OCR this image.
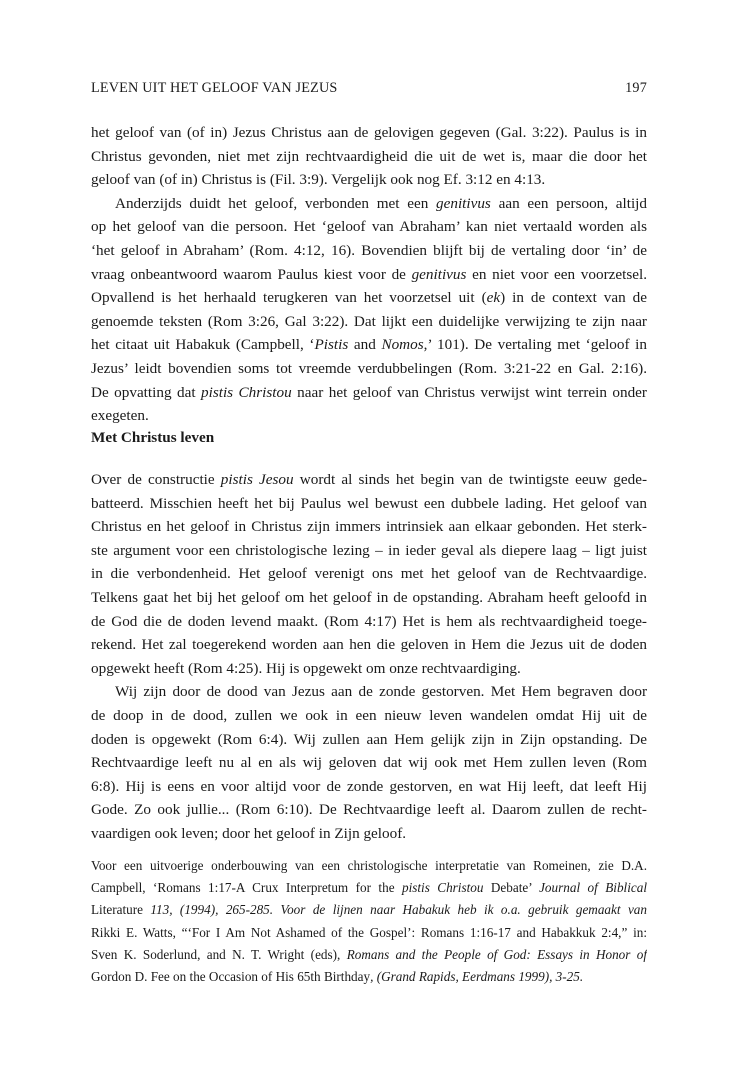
LEVEN UIT HET GELOOF VAN JEZUS	197
het geloof van (of in) Jezus Christus aan de gelovigen gegeven (Gal. 3:22). Paulus is in
Christus gevonden, niet met zijn rechtvaardigheid die uit de wet is, maar die door het
geloof van (of in) Christus is (Fil. 3:9). Vergelijk ook nog Ef. 3:12 en 4:13.
Anderzijds duidt het geloof, verbonden met een genitivus aan een persoon, altijd
op het geloof van die persoon. Het ‘geloof van Abraham’ kan niet vertaald worden als
‘het geloof in Abraham’ (Rom. 4:12, 16). Bovendien blijft bij de vertaling door ‘in’ de
vraag onbeantwoord waarom Paulus kiest voor de genitivus en niet voor een voorzetsel.
Opvallend is het herhaald terugkeren van het voorzetsel uit (ek) in de context van de
genoemde teksten (Rom 3:26, Gal 3:22). Dat lijkt een duidelijke verwijzing te zijn naar
het citaat uit Habakuk (Campbell, ‘Pistis and Nomos,’ 101). De vertaling met ‘geloof in
Jezus’ leidt bovendien soms tot vreemde verdubbelingen (Rom. 3:21-22 en Gal. 2:16).
De opvatting dat pistis Christou naar het geloof van Christus verwijst wint terrein onder
exegeten.
Met Christus leven
Over de constructie pistis Jesou wordt al sinds het begin van de twintigste eeuw gede-
batteerd. Misschien heeft het bij Paulus wel bewust een dubbele lading. Het geloof van
Christus en het geloof in Christus zijn immers intrinsiek aan elkaar gebonden. Het sterk-
ste argument voor een christologische lezing – in ieder geval als diepere laag – ligt juist
in die verbondenheid. Het geloof verenigt ons met het geloof van de Rechtvaardige.
Telkens gaat het bij het geloof om het geloof in de opstanding. Abraham heeft geloofd in
de God die de doden levend maakt. (Rom 4:17) Het is hem als rechtvaardigheid toege-
rekend. Het zal toegerekend worden aan hen die geloven in Hem die Jezus uit de doden
opgewekt heeft (Rom 4:25). Hij is opgewekt om onze rechtvaardiging.
Wij zijn door de dood van Jezus aan de zonde gestorven. Met Hem begraven door
de doop in de dood, zullen we ook in een nieuw leven wandelen omdat Hij uit de
doden is opgewekt (Rom 6:4). Wij zullen aan Hem gelijk zijn in Zijn opstanding. De
Rechtvaardige leeft nu al en als wij geloven dat wij ook met Hem zullen leven (Rom
6:8). Hij is eens en voor altijd voor de zonde gestorven, en wat Hij leeft, dat leeft Hij
Gode. Zo ook jullie... (Rom 6:10). De Rechtvaardige leeft al. Daarom zullen de recht-
vaardigen ook leven; door het geloof in Zijn geloof.
Voor een uitvoerige onderbouwing van een christologische interpretatie van Romeinen, zie D.A.
Campbell, ‘Romans 1:17-A Crux Interpretum for the pistis Christou Debate’ Journal of Biblical
Literature 113, (1994), 265-285. Voor de lijnen naar Habakuk heb ik o.a. gebruik gemaakt van
Rikki E. Watts, “‘For I Am Not Ashamed of the Gospel’: Romans 1:16-17 and Habakkuk 2:4,” in:
Sven K. Soderlund, and N. T. Wright (eds), Romans and the People of God: Essays in Honor of
Gordon D. Fee on the Occasion of His 65th Birthday, (Grand Rapids, Eerdmans 1999), 3-25.
